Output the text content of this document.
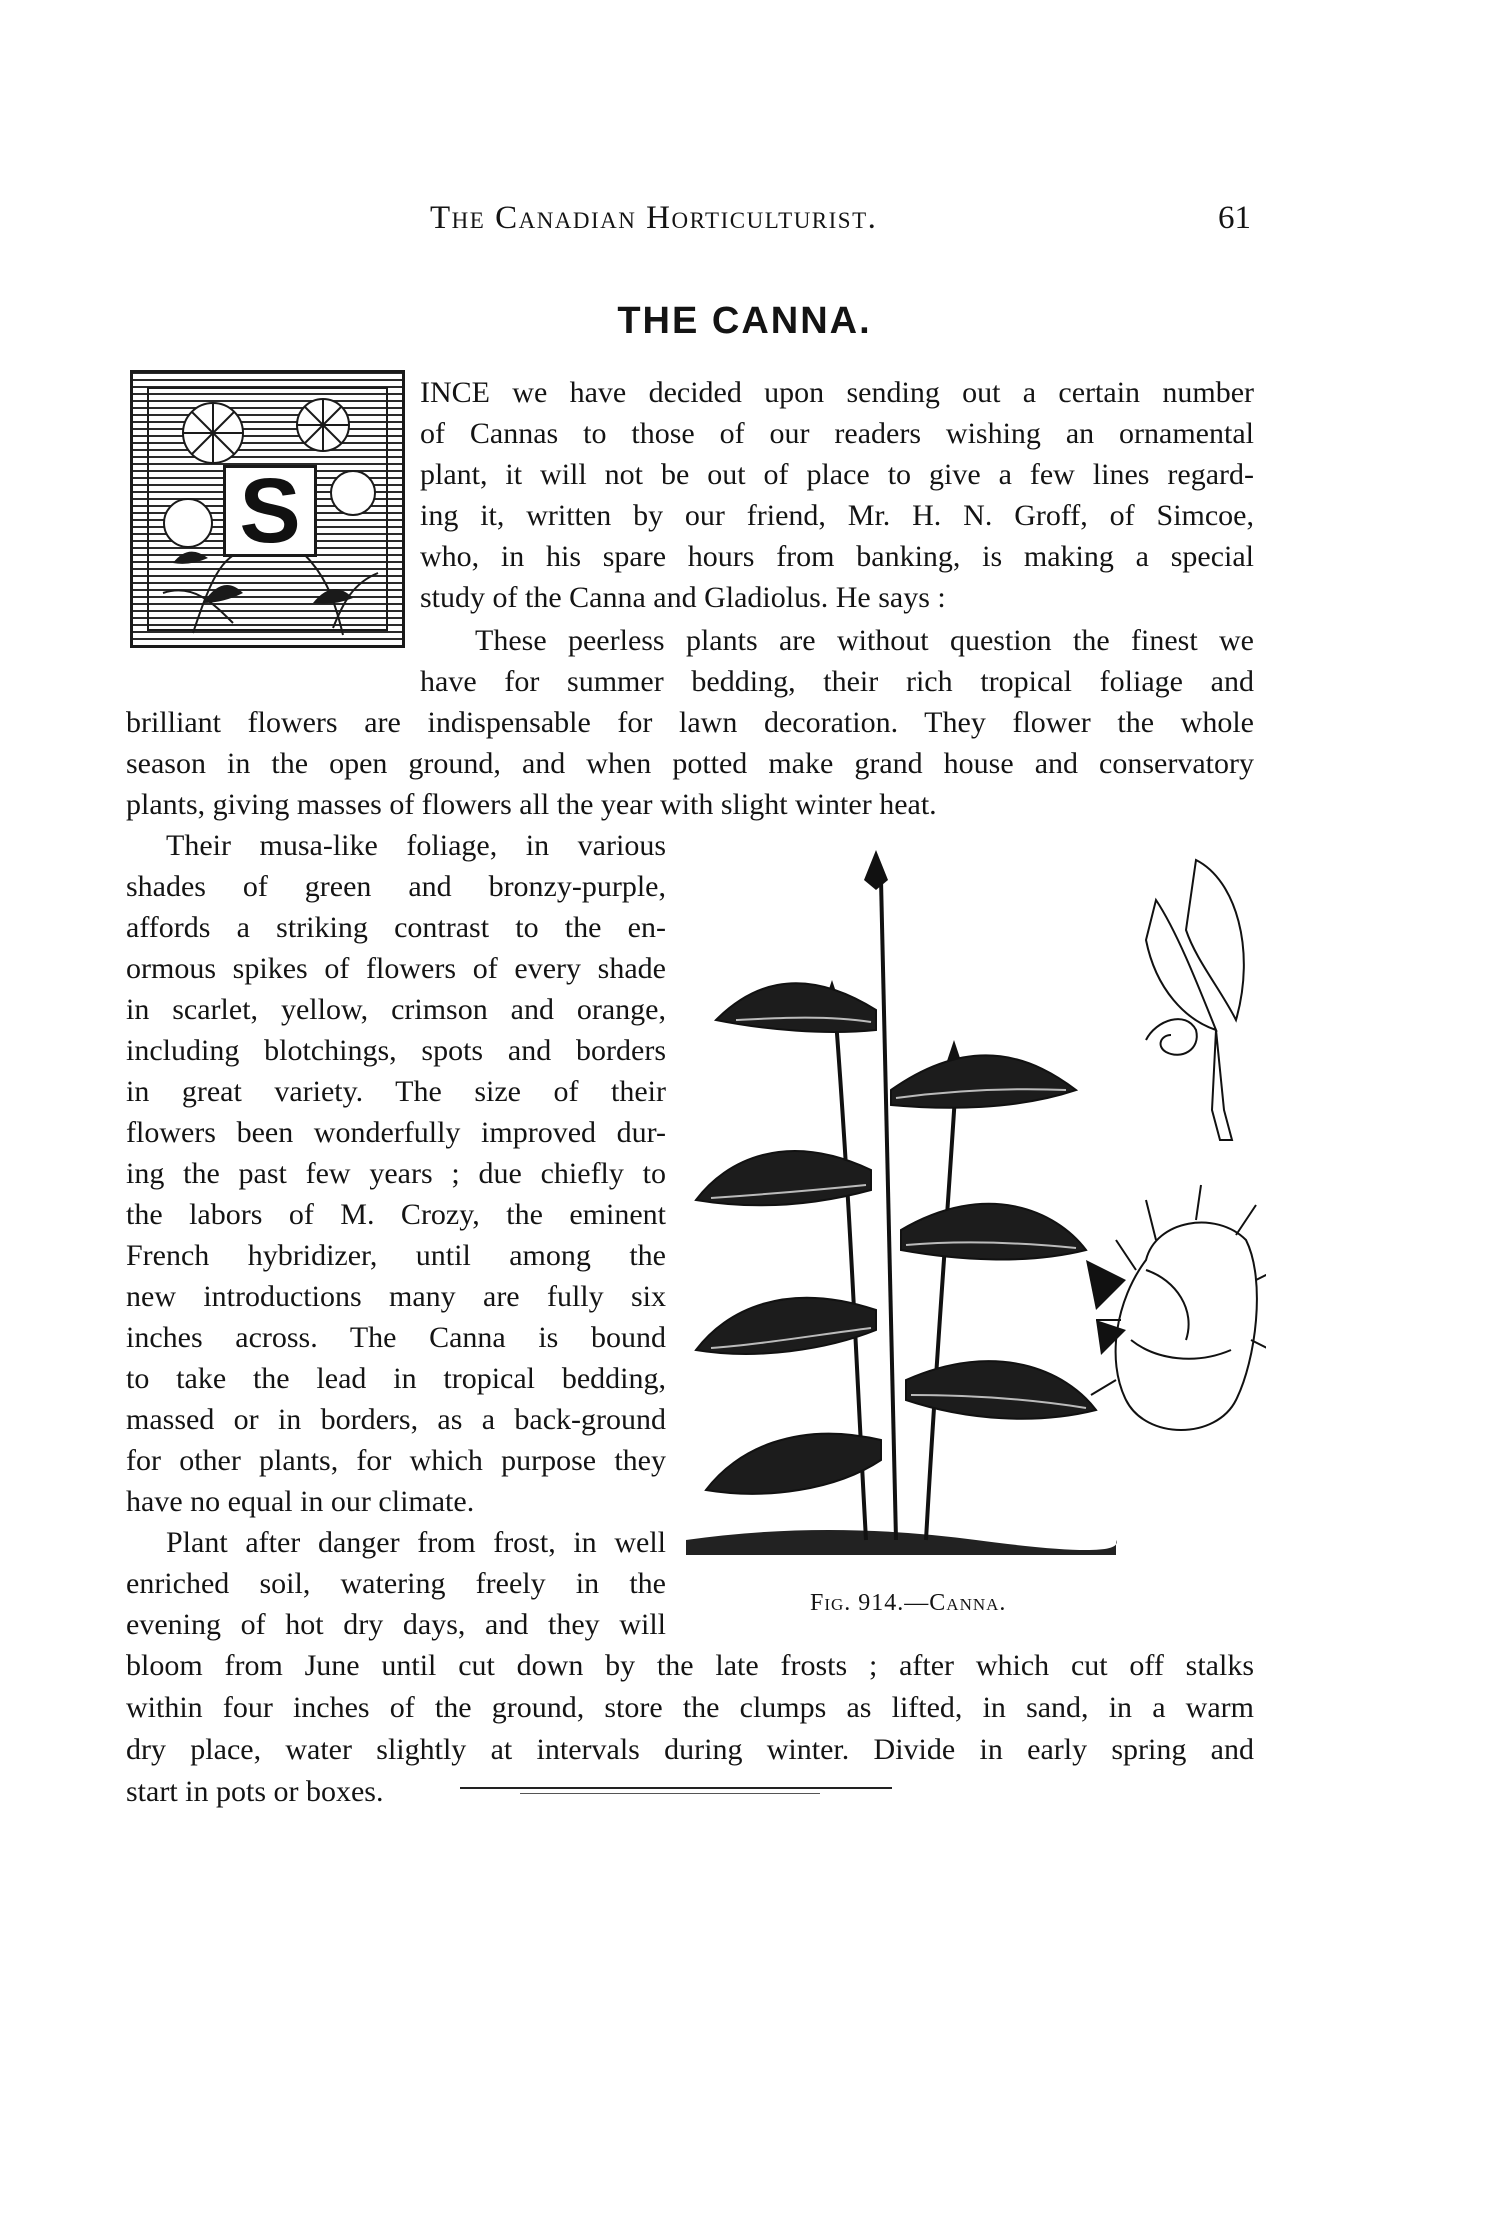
The Canadian Horticulturist.	61
THE CANNA.
S
INCE we have decided upon sending out a certain number
of Cannas to those of our readers wishing an ornamental
plant, it will not be out of place to give a few lines regard-
ing it, written by our friend, Mr. H. N. Groff, of Simcoe,
who, in his spare hours from banking, is making a special
study of the Canna and Gladiolus. He says :
These peerless plants are without question the finest we
have for summer bedding, their rich tropical foliage and
brilliant flowers are indispensable for lawn decoration. They flower the whole
season in the open ground, and when potted make grand house and conservatory
plants, giving masses of flowers all the year with slight winter heat.
Their musa-like foliage, in various
shades of green and bronzy-purple,
affords a striking contrast to the en-
ormous spikes of flowers of every shade
in scarlet, yellow, crimson and orange,
including blotchings, spots and borders
in great variety. The size of their
flowers been wonderfully improved dur-
ing the past few years ; due chiefly to
the labors of M. Crozy, the eminent
French hybridizer, until among the
new introductions many are fully six
inches across. The Canna is bound
to take the lead in tropical bedding,
massed or in borders, as a back-ground
for other plants, for which purpose they
have no equal in our climate.
Plant after danger from frost, in well
enriched soil, watering freely in the
evening of hot dry days, and they will
bloom from June until cut down by the late frosts ; after which cut off stalks
within four inches of the ground, store the clumps as lifted, in sand, in a warm
dry place, water slightly at intervals during winter. Divide in early spring and
start in pots or boxes.
Fig. 914.—Canna.
